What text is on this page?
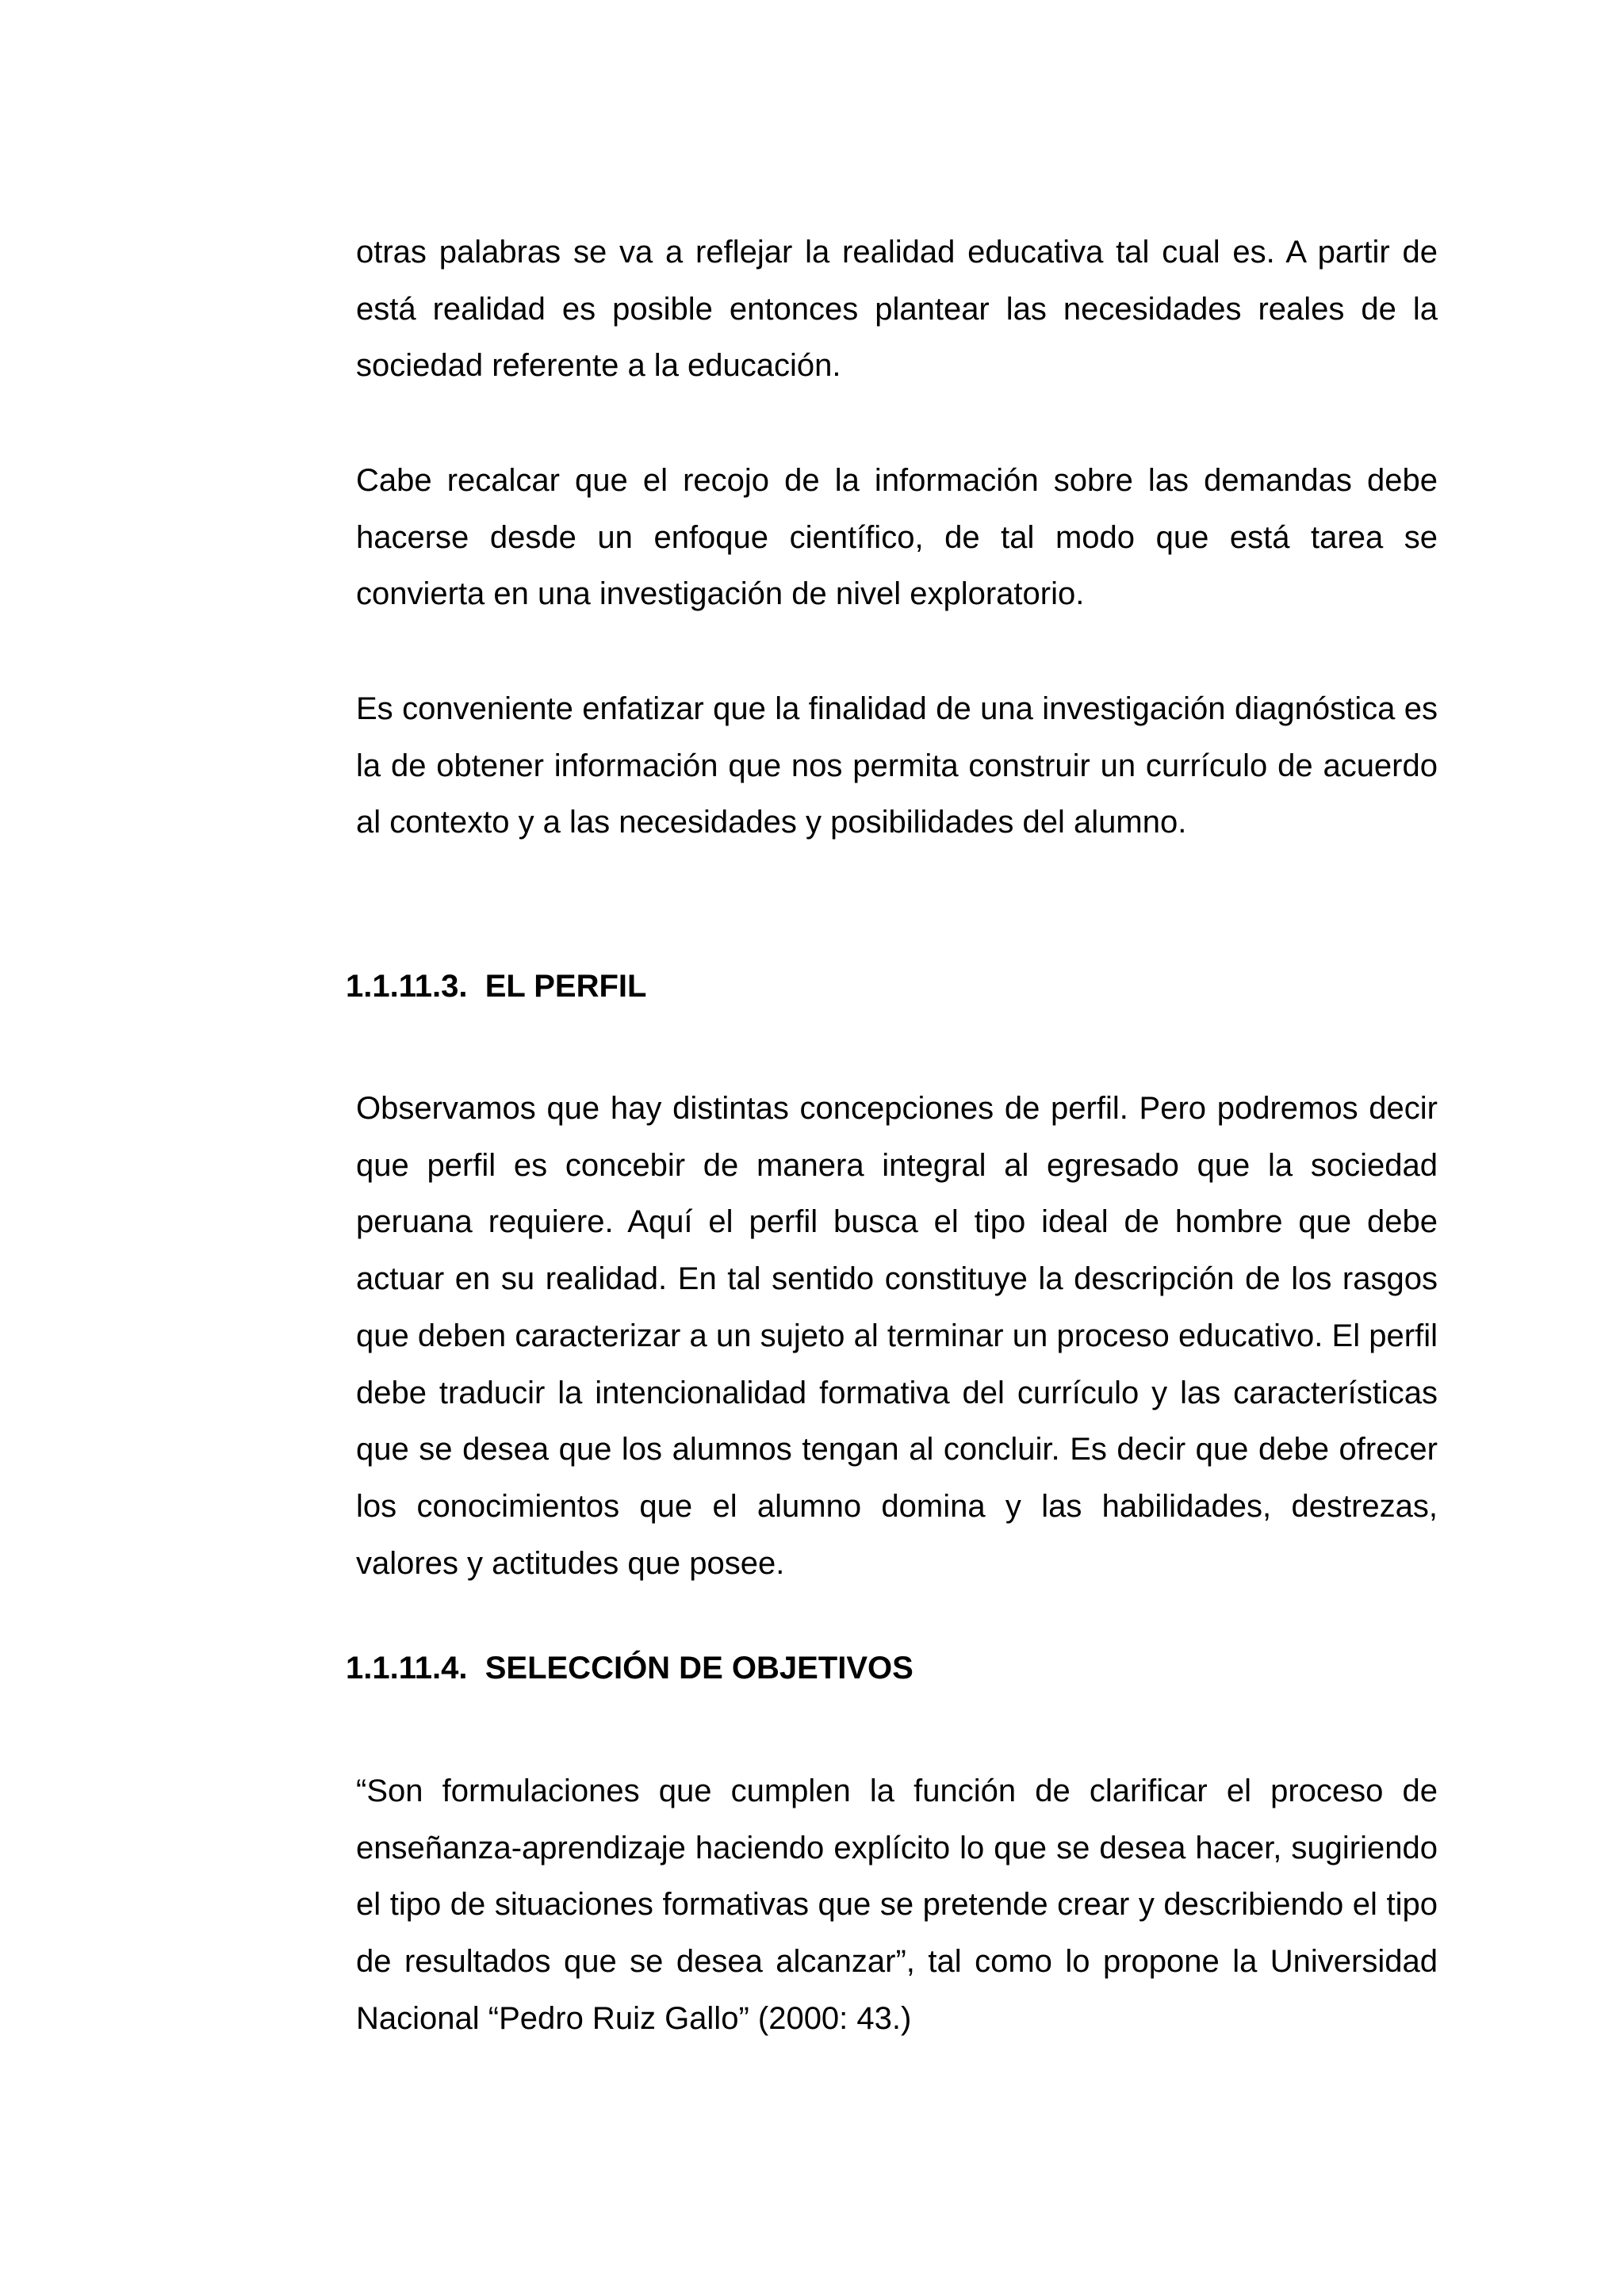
otras palabras se va a reflejar la realidad educativa tal cual es. A partir de está realidad es posible entonces plantear las necesidades reales de la sociedad referente a la educación.

Cabe recalcar que el recojo de la información sobre las demandas debe hacerse desde un enfoque científico, de tal modo que está tarea se convierta en una investigación de nivel exploratorio.

Es conveniente enfatizar que la finalidad de una investigación diagnóstica es la de obtener información que nos permita construir un currículo de acuerdo al contexto y a las necesidades y posibilidades del alumno.

1.1.11.3.  EL PERFIL

Observamos que hay distintas concepciones de perfil. Pero podremos decir que perfil es concebir de manera integral al egresado que la sociedad peruana requiere. Aquí el perfil busca el tipo ideal de hombre que debe actuar en su realidad. En tal sentido constituye la descripción de los rasgos que deben caracterizar a un sujeto al terminar un proceso educativo. El perfil debe traducir la intencionalidad formativa del currículo y las características que se desea que los alumnos tengan al concluir. Es decir que debe ofrecer los conocimientos que el alumno domina y las habilidades, destrezas, valores y actitudes que posee.

1.1.11.4.  SELECCIÓN DE OBJETIVOS

“Son formulaciones que cumplen la función de clarificar el proceso de enseñanza-aprendizaje haciendo explícito lo que se desea hacer, sugiriendo el tipo de situaciones formativas que se pretende crear y describiendo el tipo de resultados que se desea alcanzar”, tal como lo propone la Universidad Nacional “Pedro Ruiz Gallo” (2000: 43.)
